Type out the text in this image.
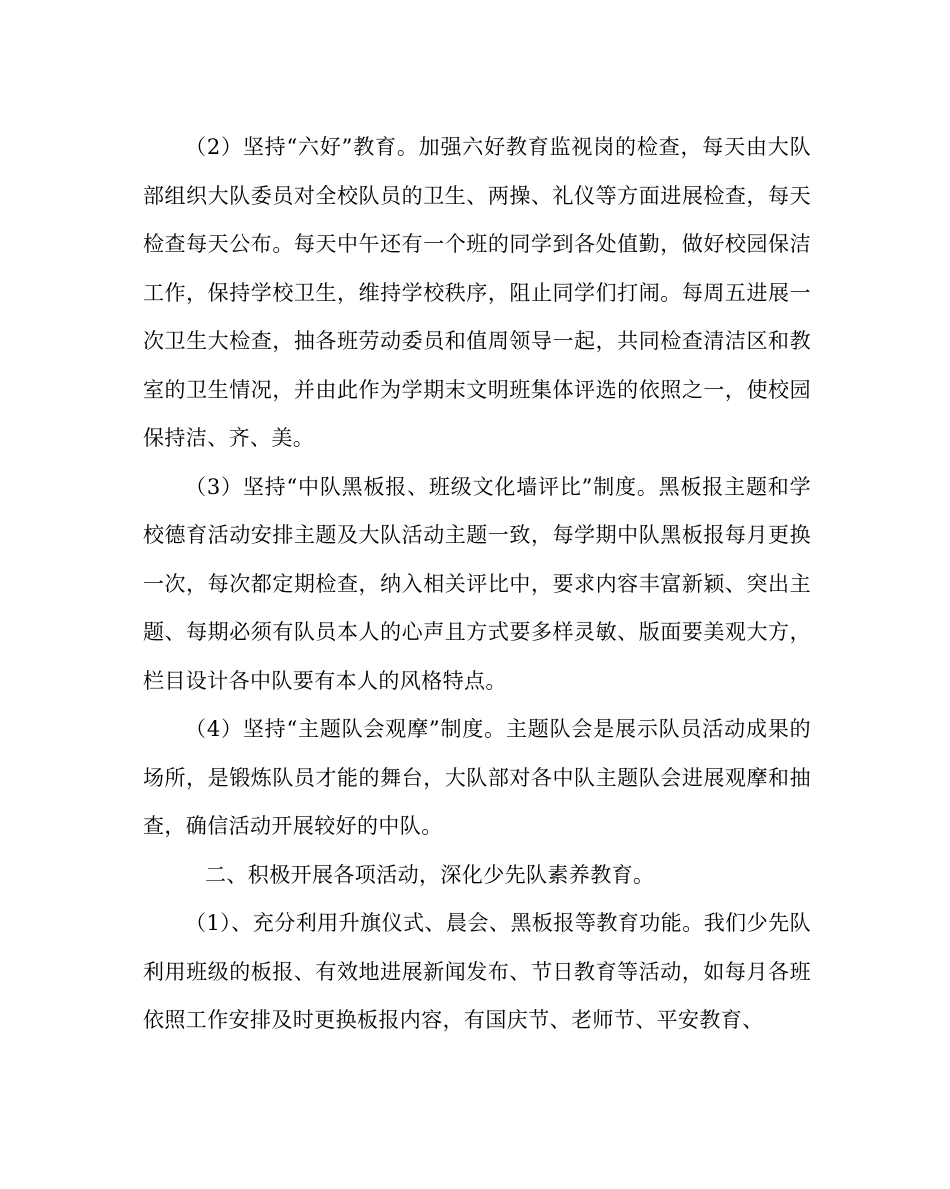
（2）坚持“六好”教育。加强六好教育监视岗的检查，每天由大队部组织大队委员对全校队员的卫生、两操、礼仪等方面进展检查，每天检查每天公布。每天中午还有一个班的同学到各处值勤，做好校园保洁工作，保持学校卫生，维持学校秩序，阻止同学们打闹。每周五进展一次卫生大检查，抽各班劳动委员和值周领导一起，共同检查清洁区和教室的卫生情况，并由此作为学期末文明班集体评选的依照之一，使校园保持洁、齐、美。

（3）坚持“中队黑板报、班级文化墙评比”制度。黑板报主题和学校德育活动安排主题及大队活动主题一致，每学期中队黑板报每月更换一次，每次都定期检查，纳入相关评比中，要求内容丰富新颖、突出主题、每期必须有队员本人的心声且方式要多样灵敏、版面要美观大方，栏目设计各中队要有本人的风格特点。

（4）坚持“主题队会观摩”制度。主题队会是展示队员活动成果的场所，是锻炼队员才能的舞台，大队部对各中队主题队会进展观摩和抽查，确信活动开展较好的中队。

二、积极开展各项活动，深化少先队素养教育。

（1）、充分利用升旗仪式、晨会、黑板报等教育功能。我们少先队利用班级的板报、有效地进展新闻发布、节日教育等活动，如每月各班依照工作安排及时更换板报内容，有国庆节、老师节、平安教育、
